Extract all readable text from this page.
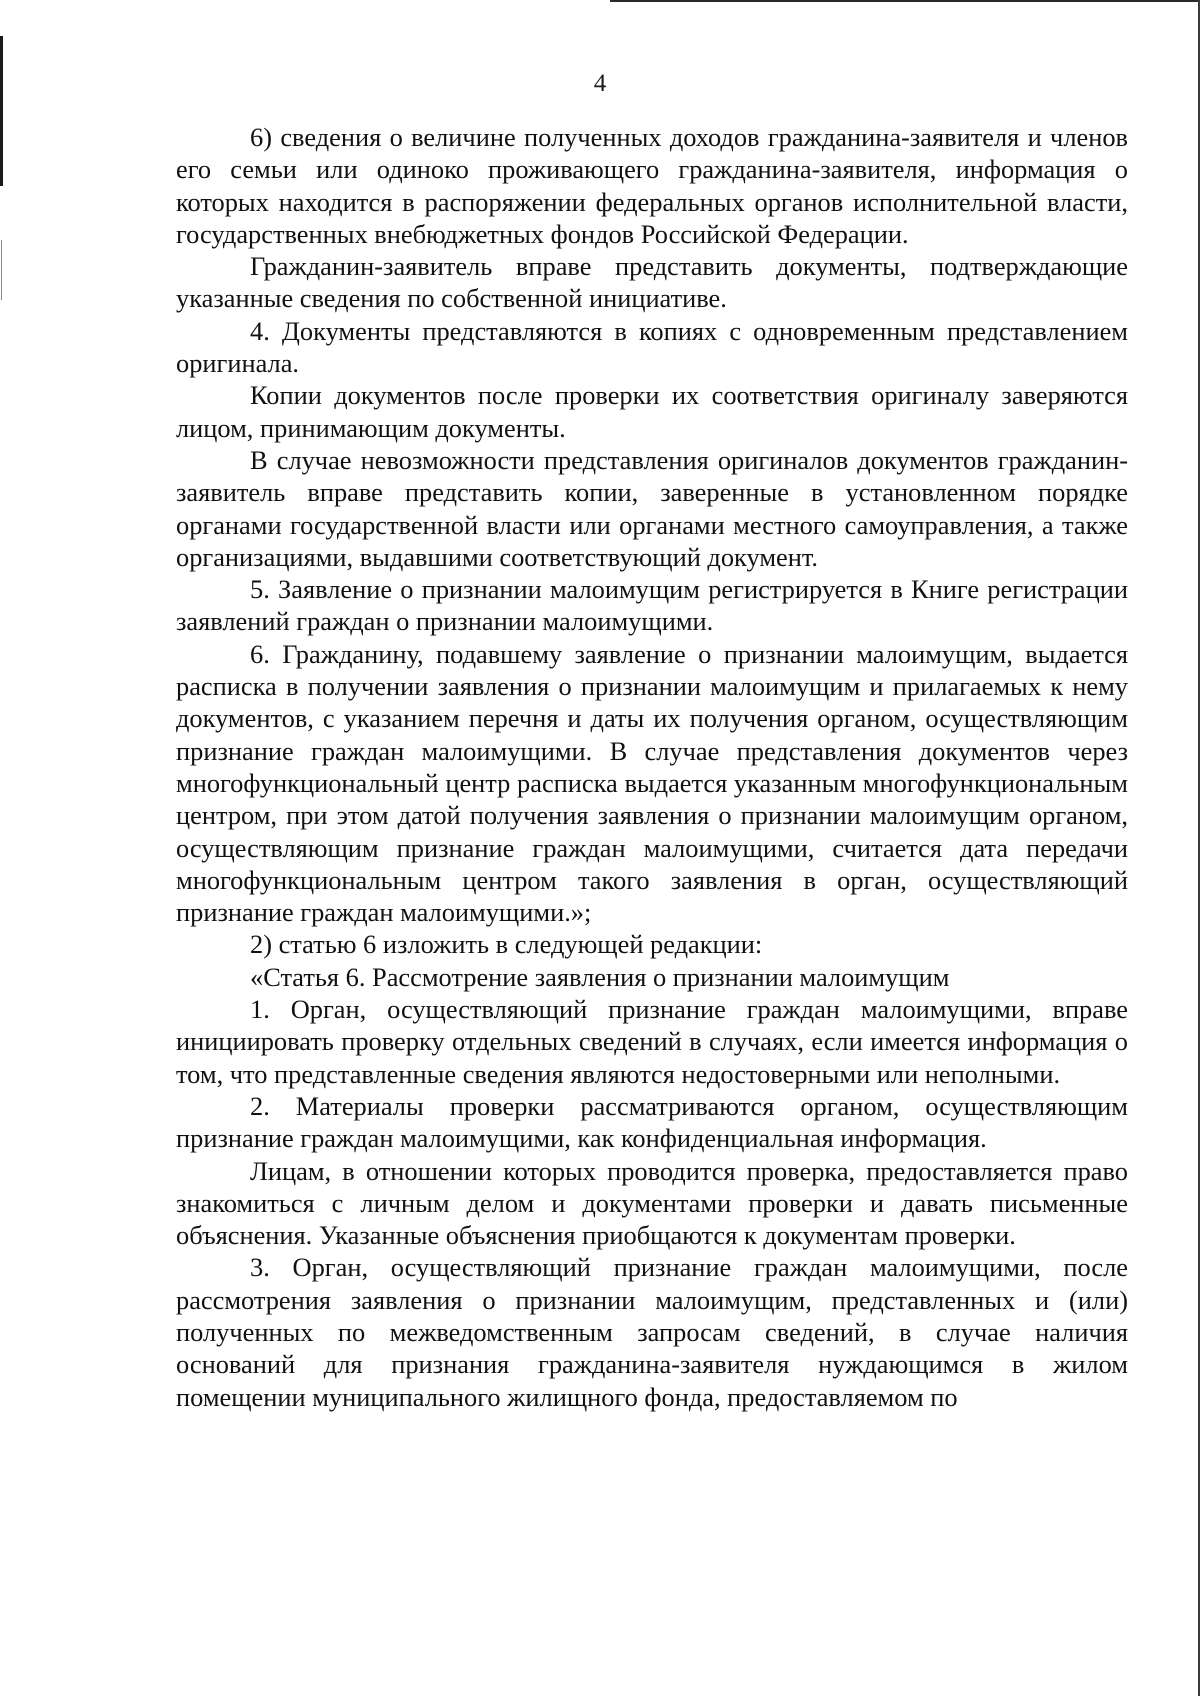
4

6) сведения о величине полученных доходов гражданина-заявителя и членов его семьи или одиноко проживающего гражданина-заявителя, информация о которых находится в распоряжении федеральных органов исполнительной власти, государственных внебюджетных фондов Российской Федерации.

Гражданин-заявитель вправе представить документы, подтверждающие указанные сведения по собственной инициативе.

4. Документы представляются в копиях с одновременным представлением оригинала.

Копии документов после проверки их соответствия оригиналу заверяются лицом, принимающим документы.

В случае невозможности представления оригиналов документов гражданин-заявитель вправе представить копии, заверенные в установленном порядке органами государственной власти или органами местного самоуправления, а также организациями, выдавшими соответствующий документ.

5. Заявление о признании малоимущим регистрируется в Книге регистрации заявлений граждан о признании малоимущими.

6. Гражданину, подавшему заявление о признании малоимущим, выдается расписка в получении заявления о признании малоимущим и прилагаемых к нему документов, с указанием перечня и даты их получения органом, осуществляющим признание граждан малоимущими. В случае представления документов через многофункциональный центр расписка выдается указанным многофункциональным центром, при этом датой получения заявления о признании малоимущим органом, осуществляющим признание граждан малоимущими, считается дата передачи многофункциональным центром такого заявления в орган, осуществляющий признание граждан малоимущими.»;

2) статью 6 изложить в следующей редакции:

«Статья 6. Рассмотрение заявления о признании малоимущим

1. Орган, осуществляющий признание граждан малоимущими, вправе инициировать проверку отдельных сведений в случаях, если имеется информация о том, что представленные сведения являются недостоверными или неполными.

2. Материалы проверки рассматриваются органом, осуществляющим признание граждан малоимущими, как конфиденциальная информация.

Лицам, в отношении которых проводится проверка, предоставляется право знакомиться с личным делом и документами проверки и давать письменные объяснения. Указанные объяснения приобщаются к документам проверки.

3. Орган, осуществляющий признание граждан малоимущими, после рассмотрения заявления о признании малоимущим, представленных и (или) полученных по межведомственным запросам сведений, в случае наличия оснований для признания гражданина-заявителя нуждающимся в жилом помещении муниципального жилищного фонда, предоставляемом по
